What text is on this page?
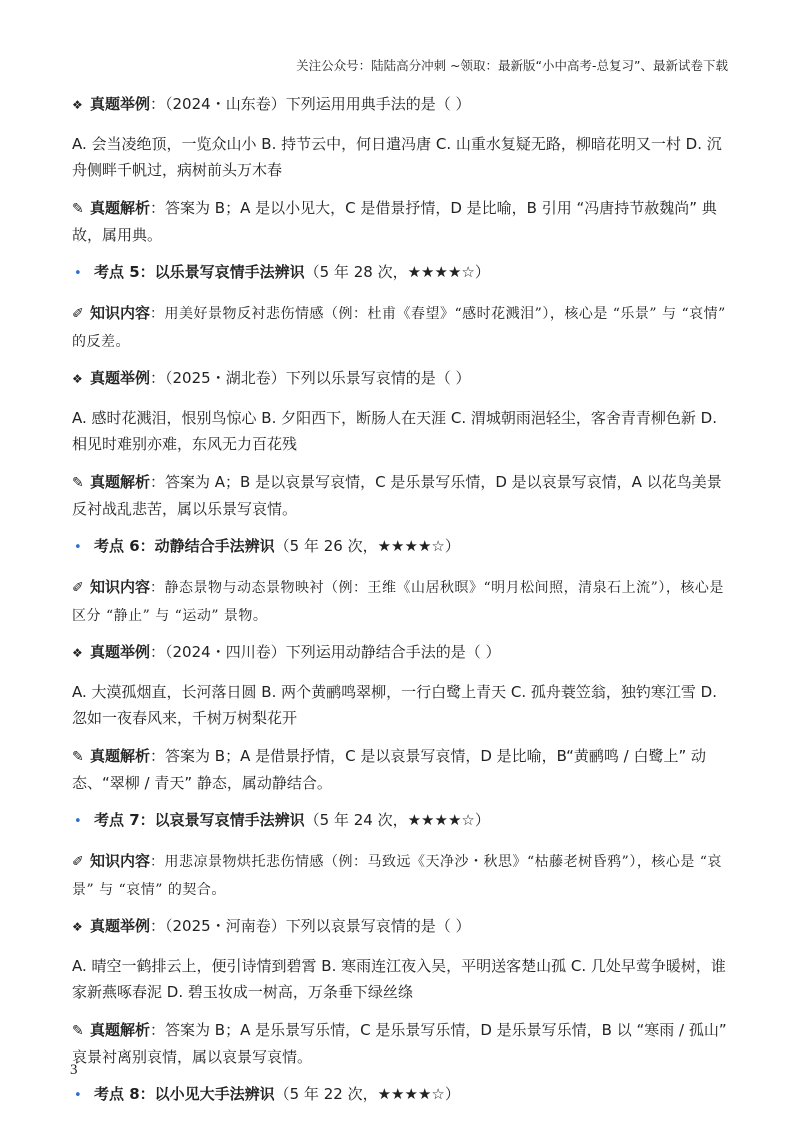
关注公众号：陆陆高分冲刺 ~领取：最新版“小中高考-总复习”、最新试卷下载
❖ 真题举例：（2024・山东卷）下列运用用典手法的是（ ）
A. 会当凌绝顶，一览众山小 B. 持节云中，何日遣冯唐 C. 山重水复疑无路，柳暗花明又一村 D. 沉舟侧畔千帆过，病树前头万木春
✎ 真题解析：答案为 B；A 是以小见大，C 是借景抒情，D 是比喻，B 引用 “冯唐持节赦魏尚” 典故，属用典。
• 考点 5：以乐景写哀情手法辨识（5 年 28 次，★★★★☆）
✐ 知识内容：用美好景物反衬悲伤情感（例：杜甫《春望》“感时花溅泪”），核心是 “乐景” 与 “哀情” 的反差。
❖ 真题举例：（2025・湖北卷）下列以乐景写哀情的是（ ）
A. 感时花溅泪，恨别鸟惊心 B. 夕阳西下，断肠人在天涯 C. 渭城朝雨浥轻尘，客舍青青柳色新 D. 相见时难别亦难，东风无力百花残
✎ 真题解析：答案为 A；B 是以哀景写哀情，C 是乐景写乐情，D 是以哀景写哀情，A 以花鸟美景反衬战乱悲苦，属以乐景写哀情。
• 考点 6：动静结合手法辨识（5 年 26 次，★★★★☆）
✐ 知识内容：静态景物与动态景物映衬（例：王维《山居秋暝》“明月松间照，清泉石上流”），核心是区分 “静止” 与 “运动” 景物。
❖ 真题举例：（2024・四川卷）下列运用动静结合手法的是（ ）
A. 大漠孤烟直，长河落日圆 B. 两个黄鹂鸣翠柳，一行白鹭上青天 C. 孤舟蓑笠翁，独钓寒江雪 D. 忽如一夜春风来，千树万树梨花开
✎ 真题解析：答案为 B；A 是借景抒情，C 是以哀景写哀情，D 是比喻，B“黄鹂鸣 / 白鹭上” 动态、“翠柳 / 青天” 静态，属动静结合。
• 考点 7：以哀景写哀情手法辨识（5 年 24 次，★★★★☆）
✐ 知识内容：用悲凉景物烘托悲伤情感（例：马致远《天净沙・秋思》“枯藤老树昏鸦”），核心是 “哀景” 与 “哀情” 的契合。
❖ 真题举例：（2025・河南卷）下列以哀景写哀情的是（ ）
A. 晴空一鹤排云上，便引诗情到碧霄 B. 寒雨连江夜入吴，平明送客楚山孤 C. 几处早莺争暖树，谁家新燕啄春泥 D. 碧玉妆成一树高，万条垂下绿丝绦
✎ 真题解析：答案为 B；A 是乐景写乐情，C 是乐景写乐情，D 是乐景写乐情，B 以 “寒雨 / 孤山” 哀景衬离别哀情，属以哀景写哀情。
• 考点 8：以小见大手法辨识（5 年 22 次，★★★★☆）
3
